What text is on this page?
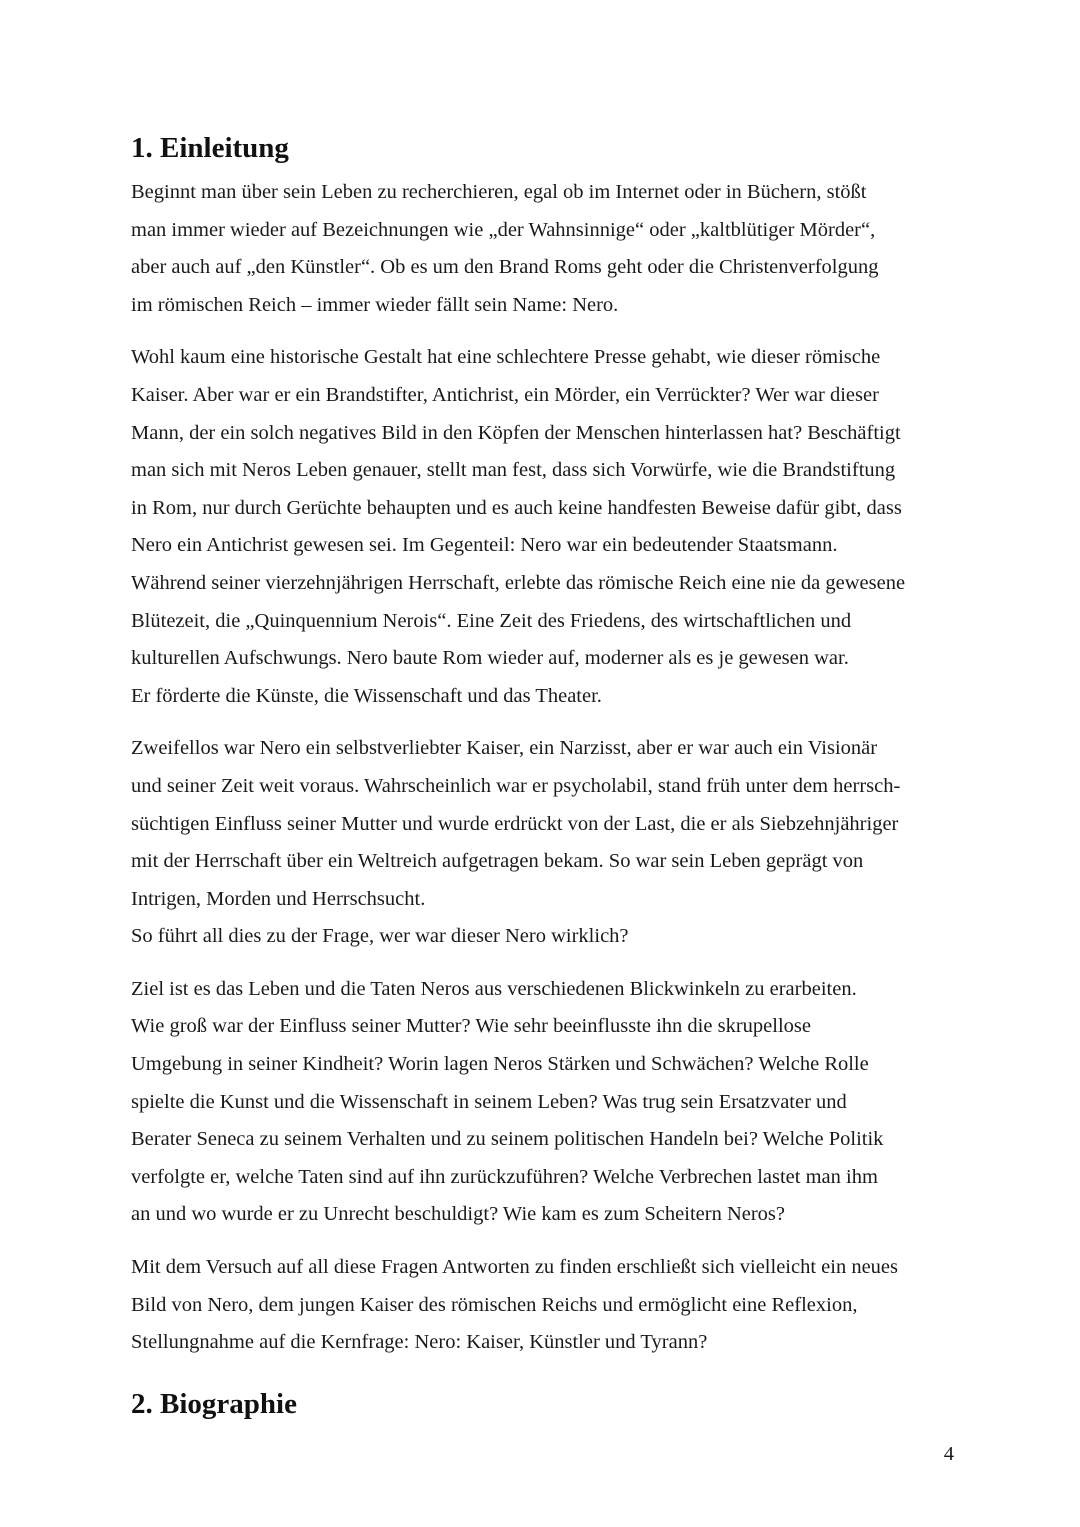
1. Einleitung
Beginnt man über sein Leben zu recherchieren, egal ob im Internet oder in Büchern, stößt
man immer wieder auf Bezeichnungen wie „der Wahnsinnige“ oder „kaltblütiger Mörder“,
aber auch auf „den Künstler“. Ob es um den Brand Roms geht oder die Christenverfolgung
im römischen Reich – immer wieder fällt sein Name: Nero.
Wohl kaum eine historische Gestalt hat eine schlechtere Presse gehabt, wie dieser römische
Kaiser. Aber war er ein Brandstifter, Antichrist, ein Mörder, ein Verrückter? Wer war dieser
Mann, der ein solch negatives Bild in den Köpfen der Menschen hinterlassen hat? Beschäftigt
man sich mit Neros Leben genauer, stellt man fest, dass sich Vorwürfe, wie die Brandstiftung
in Rom, nur durch Gerüchte behaupten und es auch keine handfesten Beweise dafür gibt, dass
Nero ein Antichrist gewesen sei. Im Gegenteil: Nero war ein bedeutender Staatsmann.
Während seiner vierzehnjährigen Herrschaft, erlebte das römische Reich eine nie da gewesene
Blütezeit, die „Quinquennium Nerois“. Eine Zeit des Friedens, des wirtschaftlichen und
kulturellen Aufschwungs. Nero baute Rom wieder auf, moderner als es je gewesen war.
Er förderte die Künste, die Wissenschaft und das Theater.
Zweifellos war Nero ein selbstverliebter Kaiser, ein Narzisst, aber er war auch ein Visionär
und seiner Zeit weit voraus. Wahrscheinlich war er psycholabil, stand früh unter dem herrsch-
süchtigen Einfluss seiner Mutter und wurde erdrückt von der Last, die er als Siebzehnjähriger
mit der Herrschaft über ein Weltreich aufgetragen bekam. So war sein Leben geprägt von
Intrigen, Morden und Herrschsucht.
So führt all dies zu der Frage, wer war dieser Nero wirklich?
Ziel ist es das Leben und die Taten Neros aus verschiedenen Blickwinkeln zu erarbeiten.
Wie groß war der Einfluss seiner Mutter? Wie sehr beeinflusste ihn die skrupellose
Umgebung in seiner Kindheit? Worin lagen Neros Stärken und Schwächen? Welche Rolle
spielte die Kunst und die Wissenschaft in seinem Leben? Was trug sein Ersatzvater und
Berater Seneca zu seinem Verhalten und zu seinem politischen Handeln bei? Welche Politik
verfolgte er, welche Taten sind auf ihn zurückzuführen? Welche Verbrechen lastet man ihm
an und wo wurde er zu Unrecht beschuldigt? Wie kam es zum Scheitern Neros?
Mit dem Versuch auf all diese Fragen Antworten zu finden erschließt sich vielleicht ein neues
Bild von Nero, dem jungen Kaiser des römischen Reichs und ermöglicht eine Reflexion,
Stellungnahme auf die Kernfrage: Nero: Kaiser, Künstler und Tyrann?
2. Biographie
4
